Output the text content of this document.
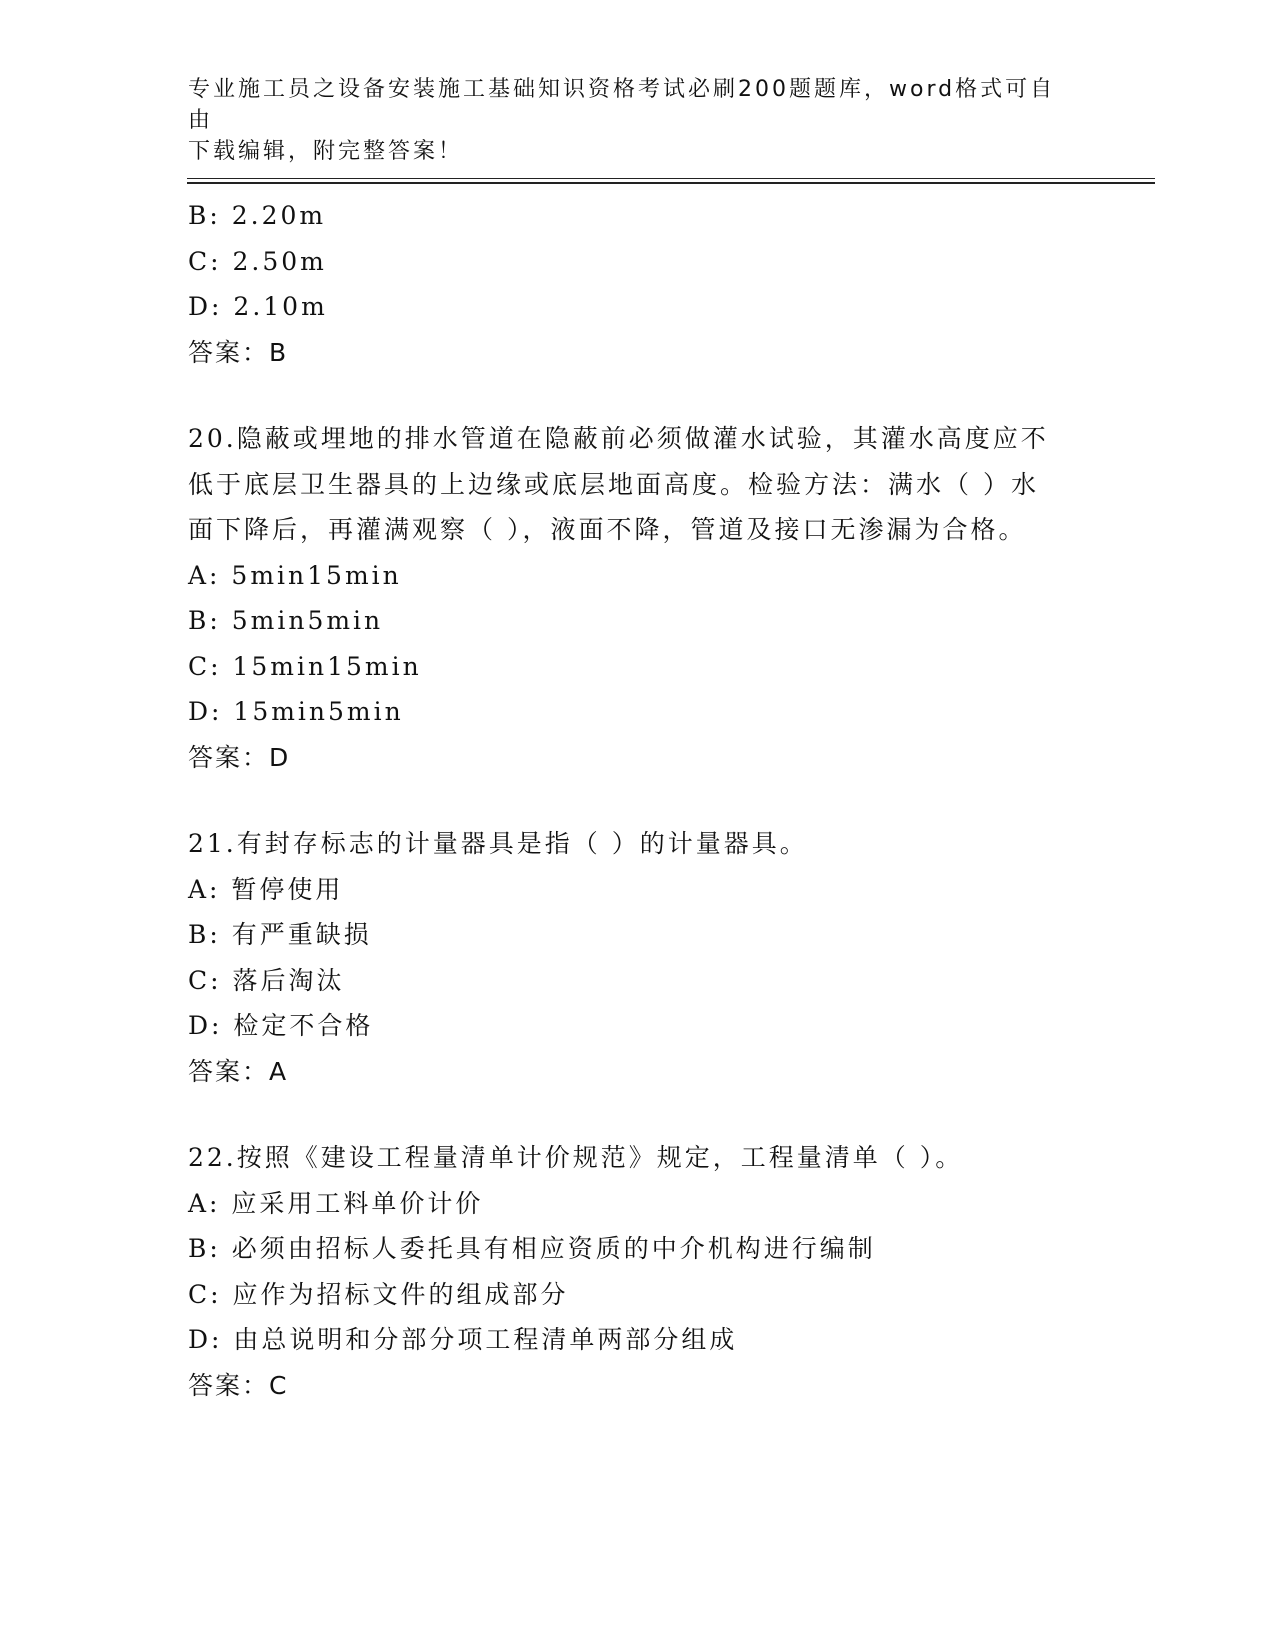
专业施工员之设备安装施工基础知识资格考试必刷200题题库，word格式可自由
下载编辑，附完整答案！
B: 2.20m
C: 2.50m
D: 2.10m
答案：B
20.隐蔽或埋地的排水管道在隐蔽前必须做灌水试验，其灌水高度应不
低于底层卫生器具的上边缘或底层地面高度。检验方法：满水（ ）水
面下降后，再灌满观察（ ），液面不降，管道及接口无渗漏为合格。
A: 5min15min
B: 5min5min
C: 15min15min
D: 15min5min
答案：D
21.有封存标志的计量器具是指（ ）的计量器具。
A: 暂停使用
B: 有严重缺损
C: 落后淘汰
D: 检定不合格
答案：A
22.按照《建设工程量清单计价规范》规定，工程量清单（ ）。
A: 应采用工料单价计价
B: 必须由招标人委托具有相应资质的中介机构进行编制
C: 应作为招标文件的组成部分
D: 由总说明和分部分项工程清单两部分组成
答案：C
